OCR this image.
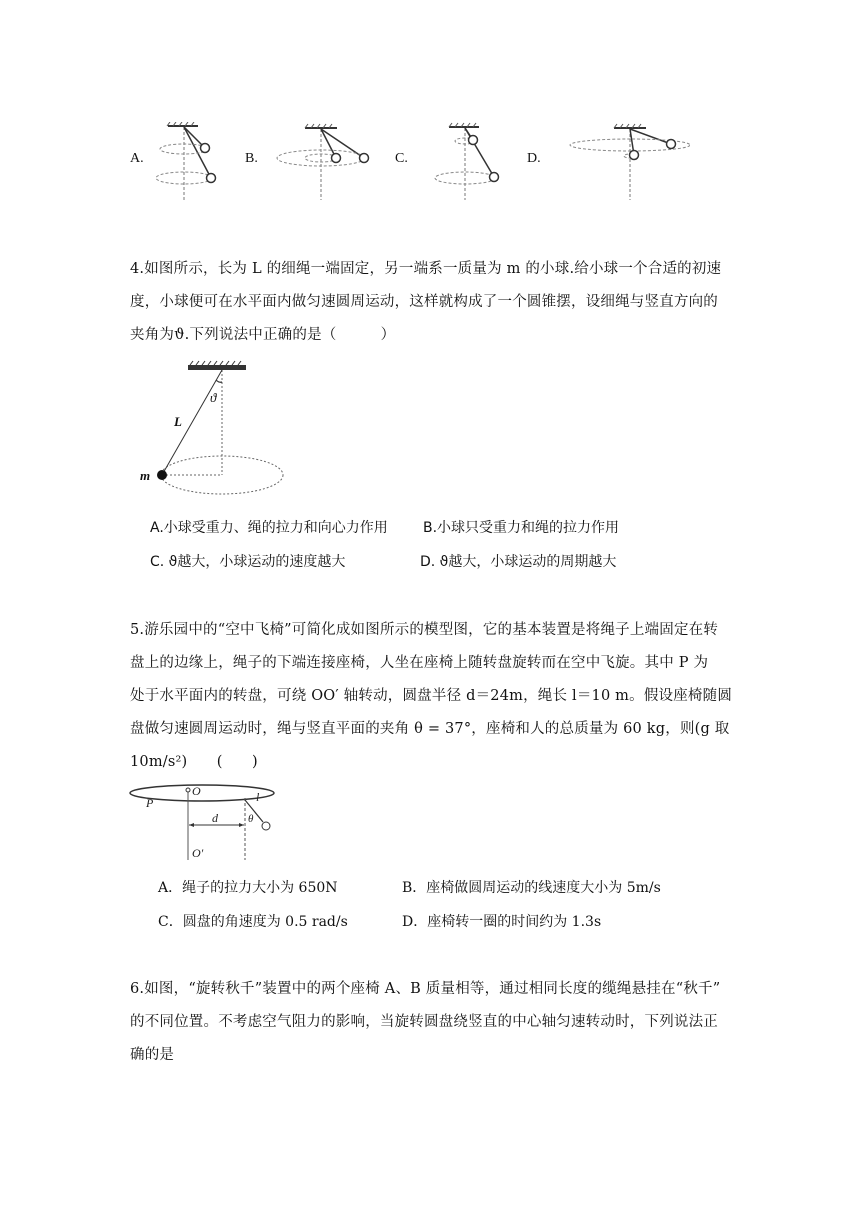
A.	B.	C.	D.
4.如图所示，长为 L 的细绳一端固定，另一端系一质量为 m 的小球.给小球一个合适的初速
度，小球便可在水平面内做匀速圆周运动，这样就构成了一个圆锥摆，设细绳与竖直方向的
夹角为ϑ.下列说法中正确的是（　　　）
ϑ
L
m
A.小球受重力、绳的拉力和向心力作用	B.小球只受重力和绳的拉力作用
C. ϑ越大，小球运动的速度越大	D. ϑ越大，小球运动的周期越大
5.游乐园中的“空中飞椅”可简化成如图所示的模型图，它的基本装置是将绳子上端固定在转
盘上的边缘上，绳子的下端连接座椅，人坐在座椅上随转盘旋转而在空中飞旋。其中 P 为
处于水平面内的转盘，可绕 OO′ 轴转动，圆盘半径 d＝24m，绳长 l＝10 m。假设座椅随圆
盘做匀速圆周运动时，绳与竖直平面的夹角 θ = 37°，座椅和人的总质量为 60 kg，则(g 取
10m/s²)　　(　　)
P
O	l
d	θ
O′
A．绳子的拉力大小为 650N	B．座椅做圆周运动的线速度大小为 5m/s
C．圆盘的角速度为 0.5 rad/s	D．座椅转一圈的时间约为 1.3s
6.如图，“旋转秋千”装置中的两个座椅 A、B 质量相等，通过相同长度的缆绳悬挂在“秋千”
的不同位置。不考虑空气阻力的影响，当旋转圆盘绕竖直的中心轴匀速转动时，下列说法正
确的是
